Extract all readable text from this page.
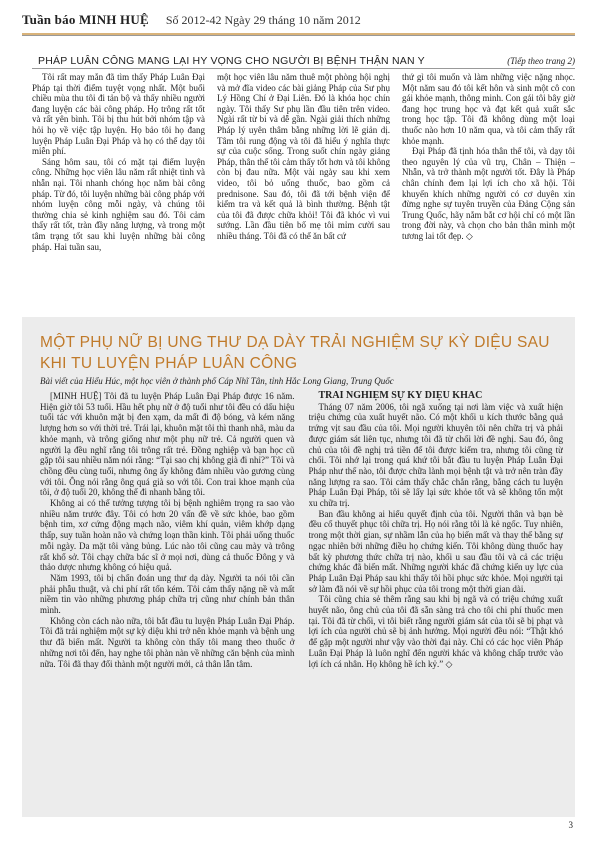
Tuần báo MINH HUỆ Số 2012-42 Ngày 29 tháng 10 năm 2012
PHÁP LUÂN CÔNG MANG LẠI HY VỌNG CHO NGƯỜI BỊ BỆNH THẬN NAN Y	(Tiếp theo trang 2)

Tôi rất may mắn đã tìm thấy Pháp Luân Đại Pháp tại thời điểm tuyệt vọng nhất. Một buổi chiều mùa thu tôi đi tản bộ và thấy nhiều người đang luyện các bài công pháp. Họ trông rất tốt và rất yên bình. Tôi bị thu hút bởi nhóm tập và hỏi họ về việc tập luyện. Họ bảo tôi họ đang luyện Pháp Luân Đại Pháp và họ có thể dạy tôi miễn phí.

Sáng hôm sau, tôi có mặt tại điểm luyện công. Những học viên lâu năm rất nhiệt tình và nhẫn nại. Tôi nhanh chóng học năm bài công pháp. Từ đó, tôi luyện những bài công pháp với nhóm luyện công mỗi ngày, và chúng tôi thường chia sẻ kinh nghiệm sau đó. Tôi cảm thấy rất tốt, tràn đầy năng lượng, và trong một tâm trạng tốt sau khi luyện những bài công pháp. Hai tuần sau,

một học viên lâu năm thuê một phòng hội nghị và mở đĩa video các bài giảng Pháp của Sư phụ Lý Hồng Chí ở Đại Liên. Đó là khóa học chín ngày. Tôi thấy Sư phụ lần đầu tiên trên video. Ngài rất từ bi và dễ gần. Ngài giải thích những Pháp lý uyên thâm bằng những lời lẽ giản dị. Tâm tôi rung động và tôi đã hiểu ý nghĩa thực sự của cuộc sống. Trong suốt chín ngày giảng Pháp, thân thể tôi cảm thấy tốt hơn và tôi không còn bị đau nữa. Một vài ngày sau khi xem video, tôi bỏ uống thuốc, bao gồm cả prednisone. Sau đó, tôi đã tới bệnh viện để kiểm tra và kết quả là bình thường. Bệnh tật của tôi đã được chữa khỏi! Tôi đã khóc vì vui sướng. Lần đầu tiên bố mẹ tôi mỉm cười sau nhiều tháng. Tôi đã có thể ăn bất cứ

thứ gì tôi muốn và làm những việc nặng nhọc. Một năm sau đó tôi kết hôn và sinh một cô con gái khỏe mạnh, thông minh. Con gái tôi bây giờ đang học trung học và đạt kết quả xuất sắc trong học tập. Tôi đã không dùng một loại thuốc nào hơn 10 năm qua, và tôi cảm thấy rất khỏe mạnh.

Đại Pháp đã tịnh hóa thân thể tôi, và dạy tôi theo nguyên lý của vũ trụ, Chân – Thiện – Nhẫn, và trở thành một người tốt. Đây là Pháp chân chính đem lại lợi ích cho xã hội. Tôi khuyến khích những người có cơ duyên xin đừng nghe sự tuyên truyền của Đảng Cộng sản Trung Quốc, hãy nắm bắt cơ hội chỉ có một lần trong đời này, và chọn cho bản thân mình một tương lai tốt đẹp. ◇

MỘT PHỤ NỮ BỊ UNG THƯ DẠ DÀY TRẢI NGHIỆM SỰ KỲ DIỆU SAU KHI TU LUYỆN PHÁP LUÂN CÔNG
Bài viết của Hiểu Húc, một học viên ở thành phố Cáp Nhĩ Tân, tỉnh Hắc Long Giang, Trung Quốc

[MINH HUỆ] Tôi đã tu luyện Pháp Luân Đại Pháp được 16 năm. Hiện giờ tôi 53 tuổi. Hầu hết phụ nữ ở độ tuổi như tôi đều có dấu hiệu tuổi tác với khuôn mặt bị đen xạm, da mất đi độ bóng, và kém năng lượng hơn so với thời trẻ. Trái lại, khuôn mặt tôi thì thanh nhã, màu da khỏe mạnh, và trông giống như một phụ nữ trẻ. Cả người quen và người lạ đều nghĩ rằng tôi trông rất trẻ. Đồng nghiệp và bạn học cũ gặp tôi sau nhiều năm nói rằng: “Tại sao chị không già đi nhỉ?” Tôi và chồng đều cùng tuổi, nhưng ông ấy không đảm nhiều vào gương cùng với tôi. Ông nói rằng ông quá già so với tôi. Con trai khoe mạnh của tôi, ở độ tuổi 20, không thể đi nhanh bằng tôi.

Không ai có thể tưởng tượng tôi bị bệnh nghiêm trọng ra sao vào nhiều năm trước đây. Tôi có hơn 20 vấn đề về sức khỏe, bao gồm bệnh tim, xơ cứng động mạch não, viêm khí quản, viêm khớp dạng thấp, suy tuần hoàn não và chứng loạn thần kinh. Tôi phải uống thuốc mỗi ngày. Da mặt tôi vàng bủng. Lúc nào tôi cũng cau mày và trông rất khổ sở. Tôi chạy chữa bác sĩ ở mọi nơi, dùng cả thuốc Đông y và thảo dược nhưng không có hiệu quả.

Năm 1993, tôi bị chẩn đoán ung thư dạ dày. Người ta nói tôi cần phải phẫu thuật, và chi phí rất tốn kém. Tôi cảm thấy nặng nề và mất niềm tin vào những phương pháp chữa trị cũng như chính bản thân mình.

Không còn cách nào nữa, tôi bắt đầu tu luyện Pháp Luân Đại Pháp. Tôi đã trải nghiệm một sự kỳ diệu khi trở nên khỏe mạnh và bệnh ung thư đã biến mất. Người ta không còn thấy tôi mang theo thuốc ở những nơi tôi đến, hay nghe tôi phàn nàn về những căn bệnh của mình nữa. Tôi đã thay đổi thành một người mới, cả thân lẫn tâm.

TRẢI NGHIỆM SỰ KỲ DIỆU KHÁC

Tháng 07 năm 2006, tôi ngã xuống tại nơi làm việc và xuất hiện triệu chứng của xuất huyết não. Có một khối u kích thước bằng quả trứng vịt sau đầu của tôi. Mọi người khuyên tôi nên chữa trị và phải được giám sát liên tục, nhưng tôi đã từ chối lời đề nghị. Sau đó, ông chủ của tôi đề nghị trả tiền để tôi được kiểm tra, nhưng tôi cũng từ chối. Tôi nhớ lại trong quá khứ tôi bắt đầu tu luyện Pháp Luân Đại Pháp như thế nào, tôi được chữa lành mọi bệnh tật và trở nên tràn đầy năng lượng ra sao. Tôi cảm thấy chắc chắn rằng, bằng cách tu luyện Pháp Luân Đại Pháp, tôi sẽ lấy lại sức khỏe tốt và sẽ không tốn một xu chữa trị.

Ban đầu không ai hiểu quyết định của tôi. Người thân và bạn bè đều cố thuyết phục tôi chữa trị. Họ nói rằng tôi là kẻ ngốc. Tuy nhiên, trong một thời gian, sự nhầm lẫn của họ biến mất và thay thế bằng sự ngạc nhiên bởi những điều họ chứng kiến. Tôi không dùng thuốc hay bất kỳ phương thức chữa trị nào, khối u sau đầu tôi và cả các triệu chứng khác đã biến mất. Những người khác đã chứng kiến uy lực của Pháp Luân Đại Pháp sau khi thấy tôi hồi phục sức khỏe. Mọi người tại sở làm đã nói về sự hồi phục của tôi trong một thời gian dài.

Tôi cũng chia sẻ thêm rằng sau khi bị ngã và có triệu chứng xuất huyết não, ông chủ của tôi đã sẵn sàng trả cho tôi chi phí thuốc men tại. Tôi đã từ chối, vì tôi biết rằng người giám sát của tôi sẽ bị phạt và lợi ích của người chủ sẽ bị ảnh hưởng. Mọi người đều nói: “Thật khó để gặp một người như vậy vào thời đại này. Chỉ có các học viên Pháp Luân Đại Pháp là luôn nghĩ đến người khác và không chấp trước vào lợi ích cá nhân. Họ không hề ích kỷ.” ◇

3
